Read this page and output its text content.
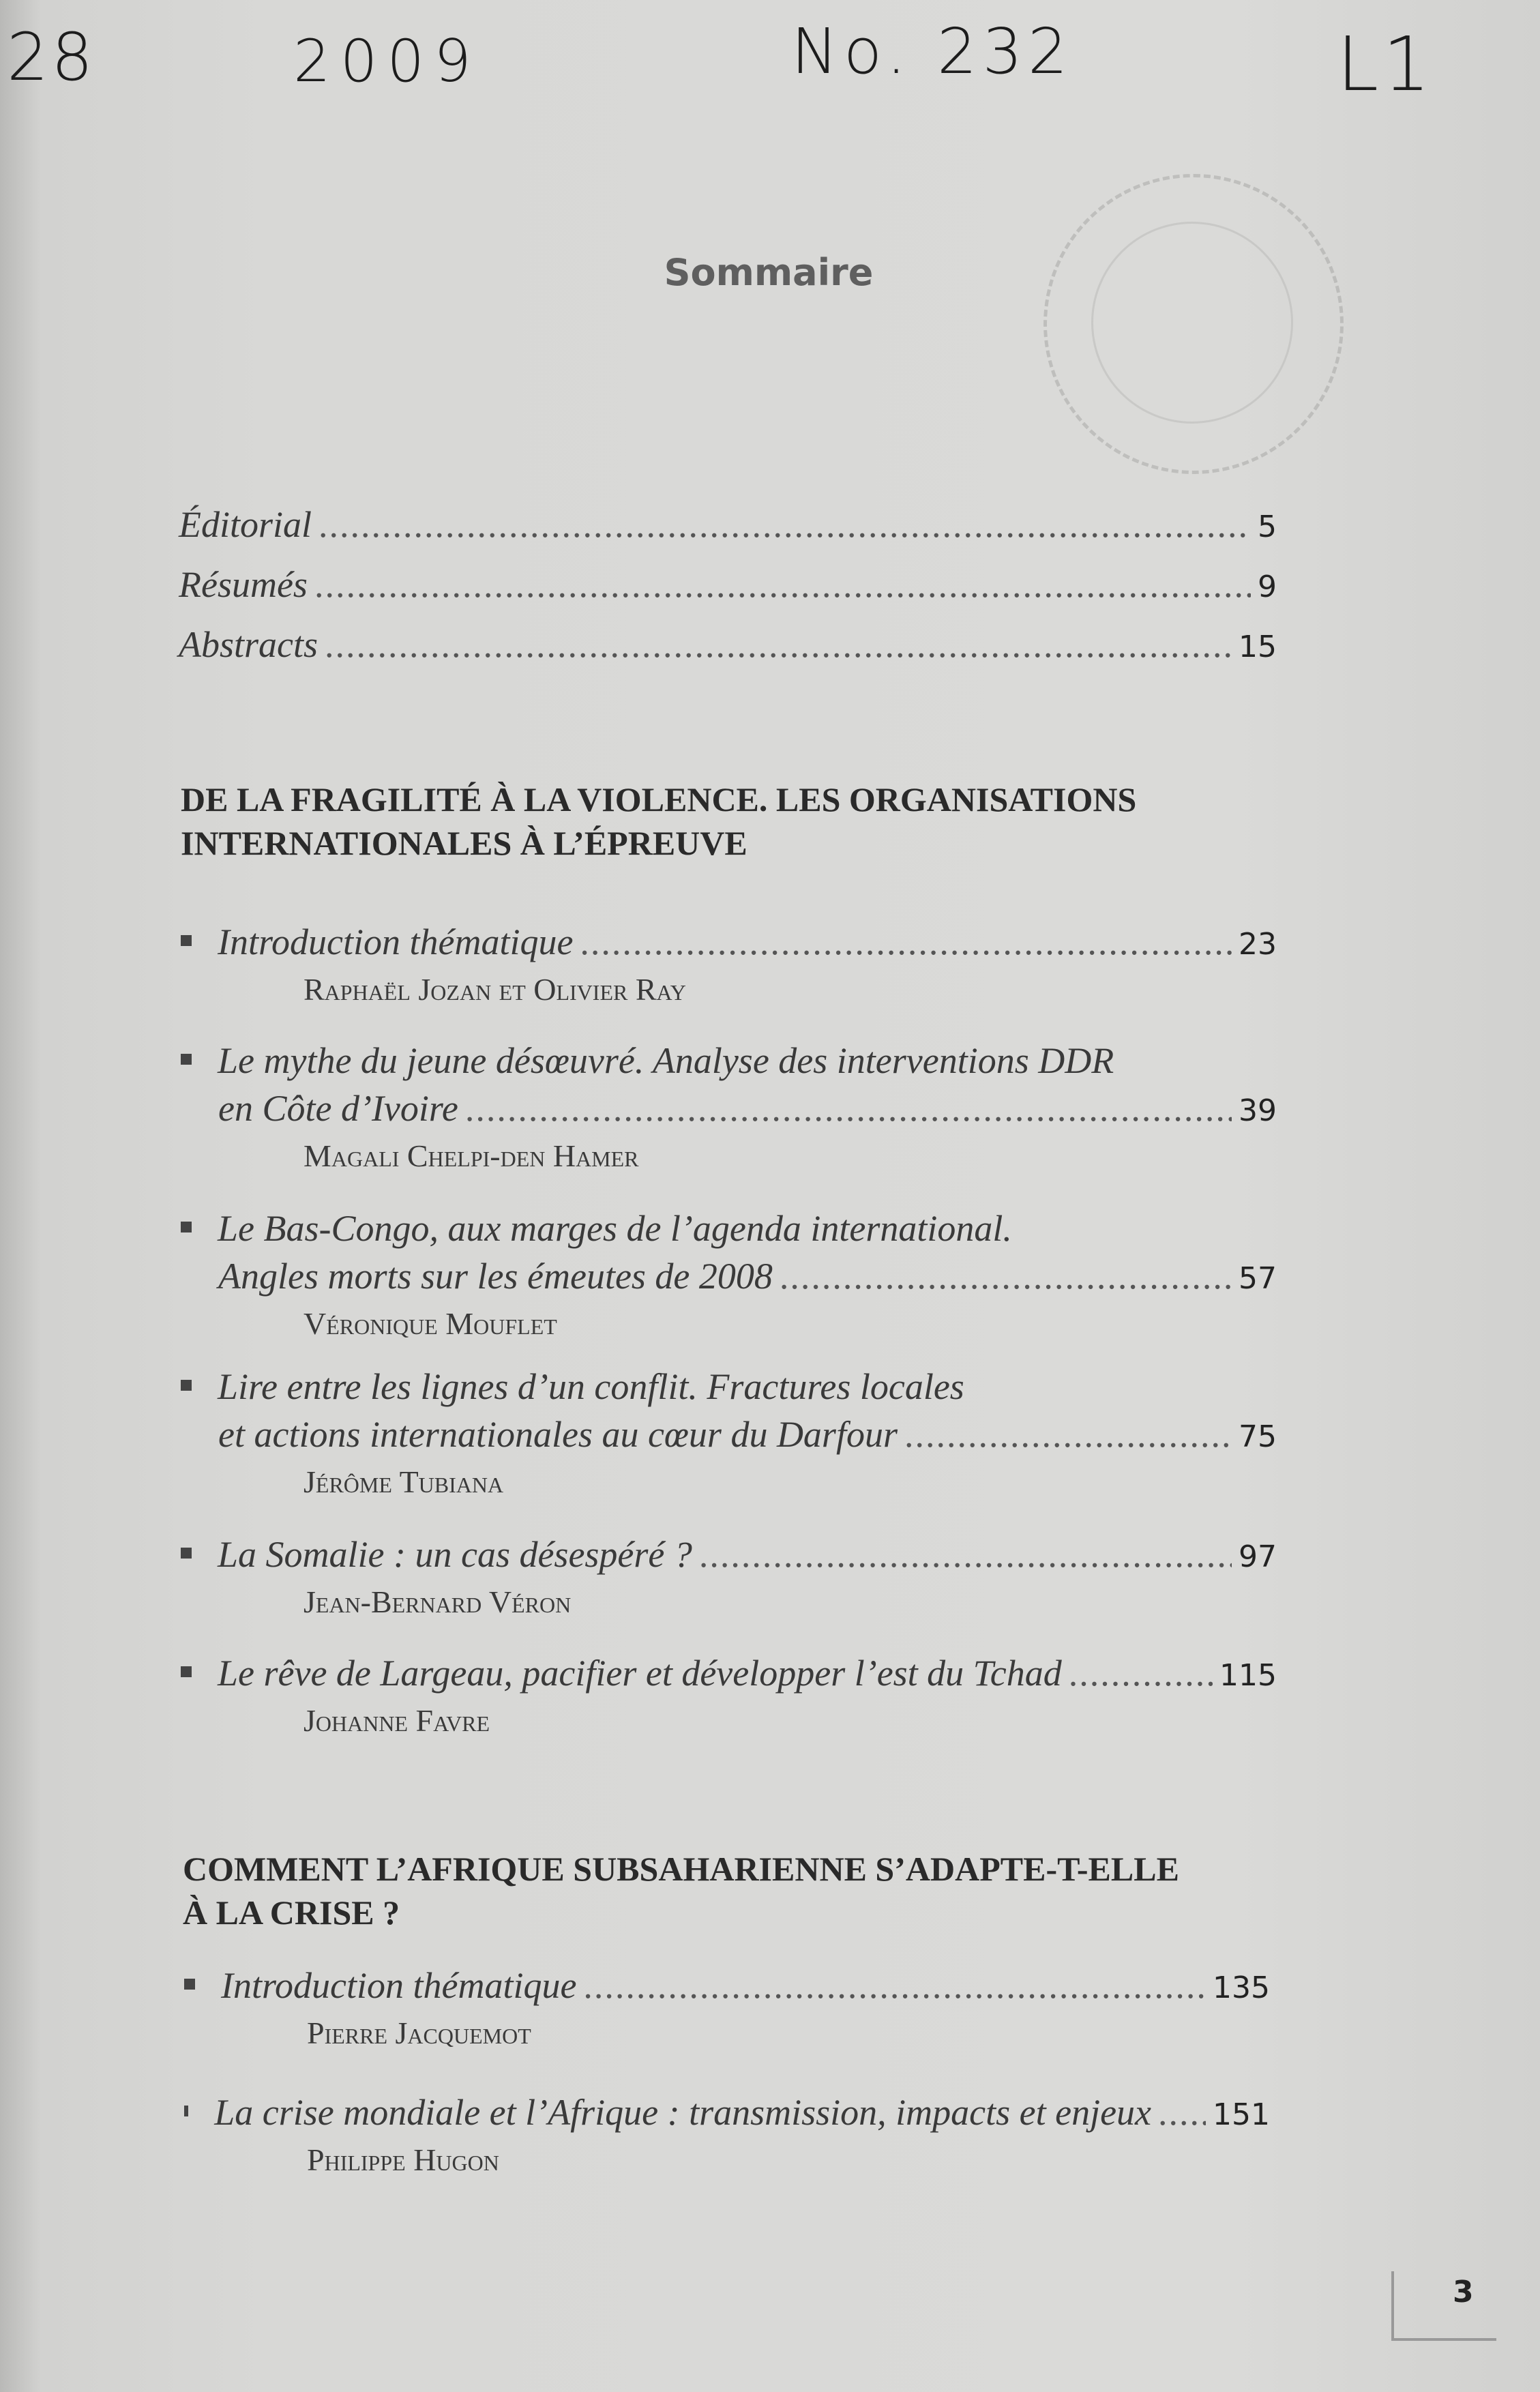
28	2009	No. 232	L1
Sommaire
Éditorial .....	5
Résumés .....	9
Abstracts .....	15
DE LA FRAGILITÉ À LA VIOLENCE. LES ORGANISATIONS
INTERNATIONALES À L’ÉPREUVE
Introduction thématique .....	23
Raphaël Jozan et Olivier Ray
Le mythe du jeune désœuvré. Analyse des interventions DDR
en Côte d’Ivoire .....	39
Magali Chelpi-den Hamer
Le Bas-Congo, aux marges de l’agenda international.
Angles morts sur les émeutes de 2008 .....	57
Véronique Mouflet
Lire entre les lignes d’un conflit. Fractures locales
et actions internationales au cœur du Darfour .....	75
Jérôme Tubiana
La Somalie : un cas désespéré ? .....	97
Jean-Bernard Véron
Le rêve de Largeau, pacifier et développer l’est du Tchad .....	115
Johanne Favre
COMMENT L’AFRIQUE SUBSAHARIENNE S’ADAPTE-T-ELLE
À LA CRISE ?
Introduction thématique .....	135
Pierre Jacquemot
La crise mondiale et l’Afrique : transmission, impacts et enjeux ..... 151
Philippe Hugon
3
